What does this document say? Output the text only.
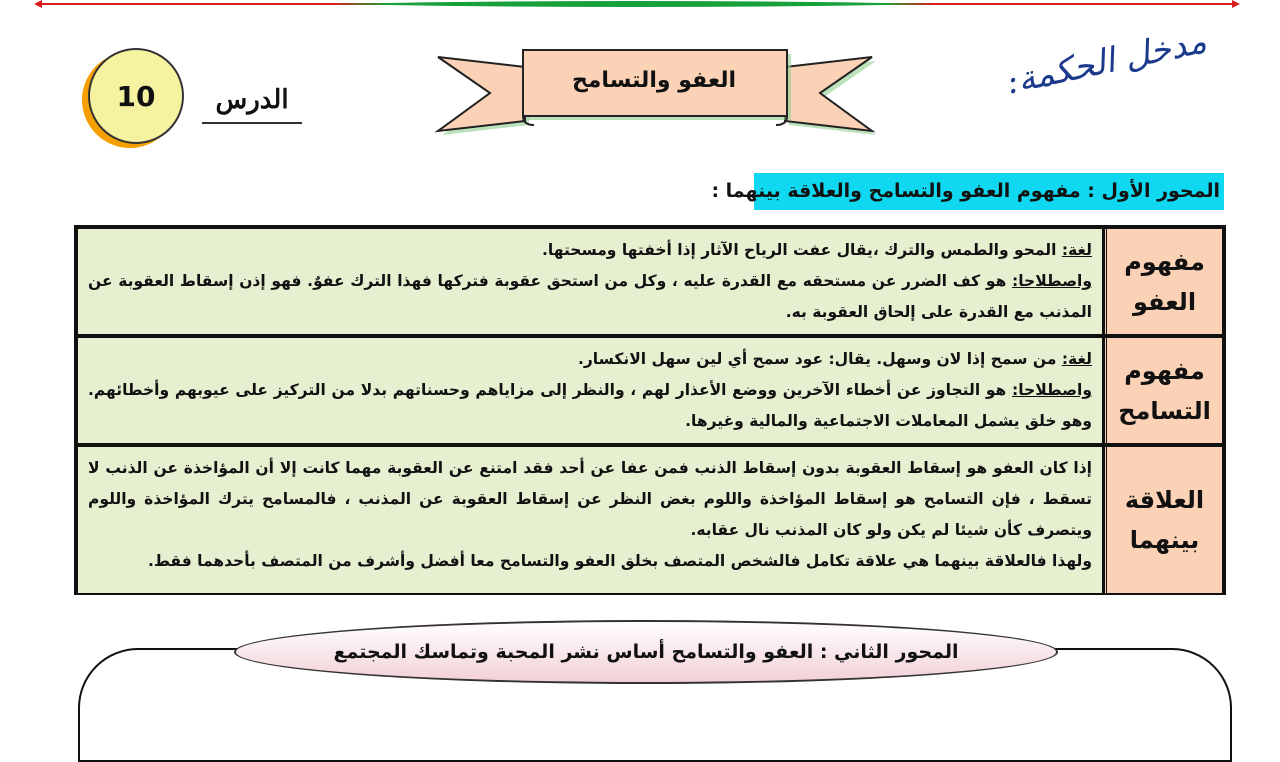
مدخل الحكمة:
العفو والتسامح
10	الدرس
المحور الأول : مفهوم العفو والتسامح والعلاقة بينهما :
مفهوم العفو
لغة: المحو والطمس والترك ،يقال عفت الرياح الآثار إذا أخفتها ومسحتها.
واصطلاحا: هو كف الضرر عن مستحقه مع القدرة عليه ، وكل من استحق عقوبة فتركها فهذا الترك عفوٌ. فهو إذن إسقاط العقوبة عن المذنب مع القدرة على إلحاق العقوبة به.
مفهوم التسامح
لغة: من سمح إذا لان وسهل. يقال: عود سمح أي لين سهل الانكسار.
واصطلاحا: هو التجاوز عن أخطاء الآخرين ووضع الأعذار لهم ، والنظر إلى مزاياهم وحسناتهم بدلا من التركيز على عيوبهم وأخطائهم. وهو خلق يشمل المعاملات الاجتماعية والمالية وغيرها.
العلاقة بينهما
إذا كان العفو هو إسقاط العقوبة بدون إسقاط الذنب فمن عفا عن أحد فقد امتنع عن العقوبة مهما كانت إلا أن المؤاخذة عن الذنب لا تسقط ، فإن التسامح هو إسقاط المؤاخذة واللوم بغض النظر عن إسقاط العقوبة عن المذنب ، فالمسامح يترك المؤاخذة واللوم ويتصرف كأن شيئا لم يكن ولو كان المذنب نال عقابه.
ولهذا فالعلاقة بينهما هي علاقة تكامل فالشخص المتصف بخلق العفو والتسامح معا أفضل وأشرف من المتصف بأحدهما فقط.
المحور الثاني : العفو والتسامح أساس نشر المحبة وتماسك المجتمع
